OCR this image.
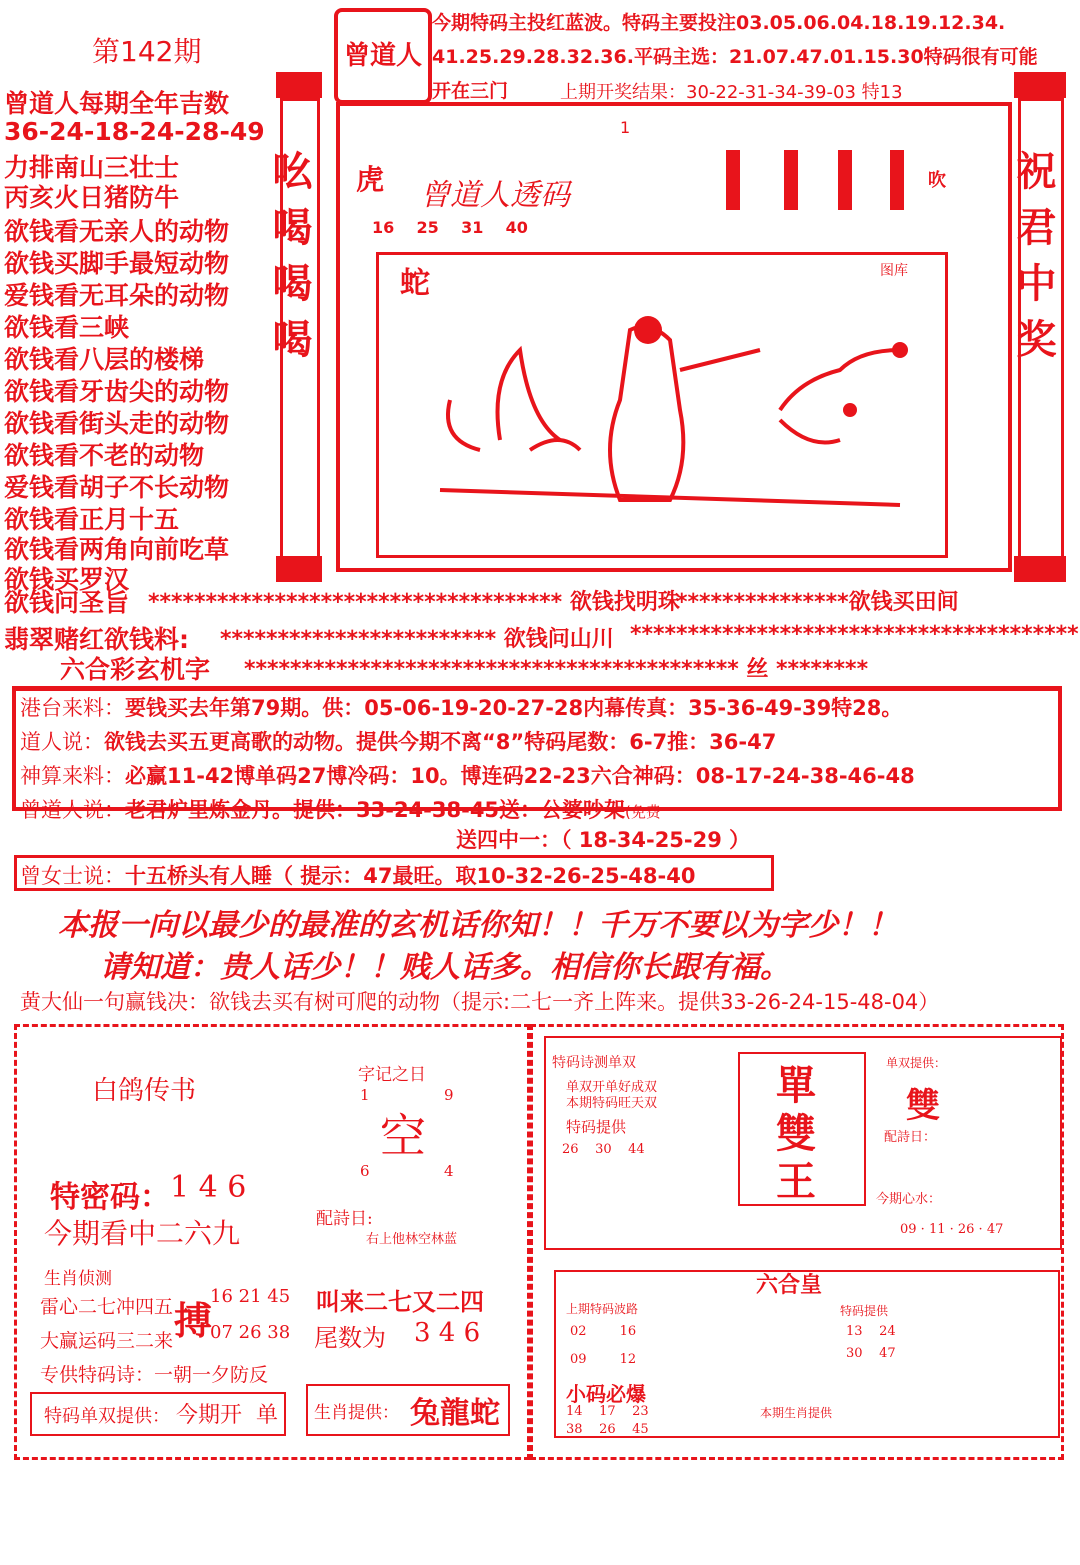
第142期	曾道人
今期特码主投红蓝波。特码主要投注03.05.06.04.18.19.12.34.
41.25.29.28.32.36.平码主选：21.07.47.01.15.30特码很有可能
开在三门	上期开奖结果：30-22-31-34-39-03 特13
曾道人每期全年吉数
36-24-18-24-28-49
力排南山三壮士
丙亥火日猪防牛
欲钱看无亲人的动物
欲钱买脚手最短动物
爱钱看无耳朵的动物
欲钱看三峡
欲钱看八层的楼梯
欲钱看牙齿尖的动物
欲钱看街头走的动物
欲钱看不老的动物
爱钱看胡子不长动物
欲钱看正月十五
欲钱看两角向前吃草
欲钱买罗汉
吆喝喝喝	祝君中奖
1
虎 曾道人透码
16    25    31    40
吹
蛇	图库
欲钱问圣旨 ************************************ 欲钱找明珠
***************欲钱买田间
翡翠赌红欲钱料: ************************ 欲钱问山川 ***************************************
六合彩玄机字 ******************************************* 丝 ********
港台来料：要钱买去年第79期。供：05-06-19-20-27-28内幕传真：35-36-49-39特28。
道人说：欲钱去买五更高歌的动物。提供今期不离“8”特码尾数：6-7推：36-47
神算来料：必赢11-42博单码27博冷码：10。博连码22-23六合神码：08-17-24-38-46-48
曾道人说：老君炉里炼金丹。提供：33-24-38-45送：公婆吵架(免费
送四中一：（ 18-34-25-29 ）
曾女士说：十五桥头有人睡（ 提示：47最旺。取10-32-26-25-48-40
本报一向以最少的最准的玄机话你知！！千万不要以为字少！！
请知道：贵人话少！！贱人话多。相信你长跟有福。
黄大仙一句赢钱决：欲钱去买有树可爬的动物（提示:二七一齐上阵来。提供33-26-24-15-48-04）
白鸽传书
特密码： 1 4 6
今期看中二六九
生肖侦测
雷心二七冲四五 搏
16 21 45
07 26 38
大赢运码三二来
专供特码诗：一朝一夕防反
特码单双提供： 今期开  单
字记之日
1	9
空
6	4
配詩日:
右上他林空林蓝
叫来二七又二四
尾数为 3 4 6
生肖提供： 兔龍蛇
特码诗测单双
单双开单好成双
本期特码旺天双
特码提供
26    30    44
單
雙
王
单双提供：
雙
配詩日：
今期心水：
09 · 11 · 26 · 47
六合皇
上期特码波路
02        16
09        12
特码提供
13    24
30    47
小码必爆
14    17    23
38    26    45
本期生肖提供
